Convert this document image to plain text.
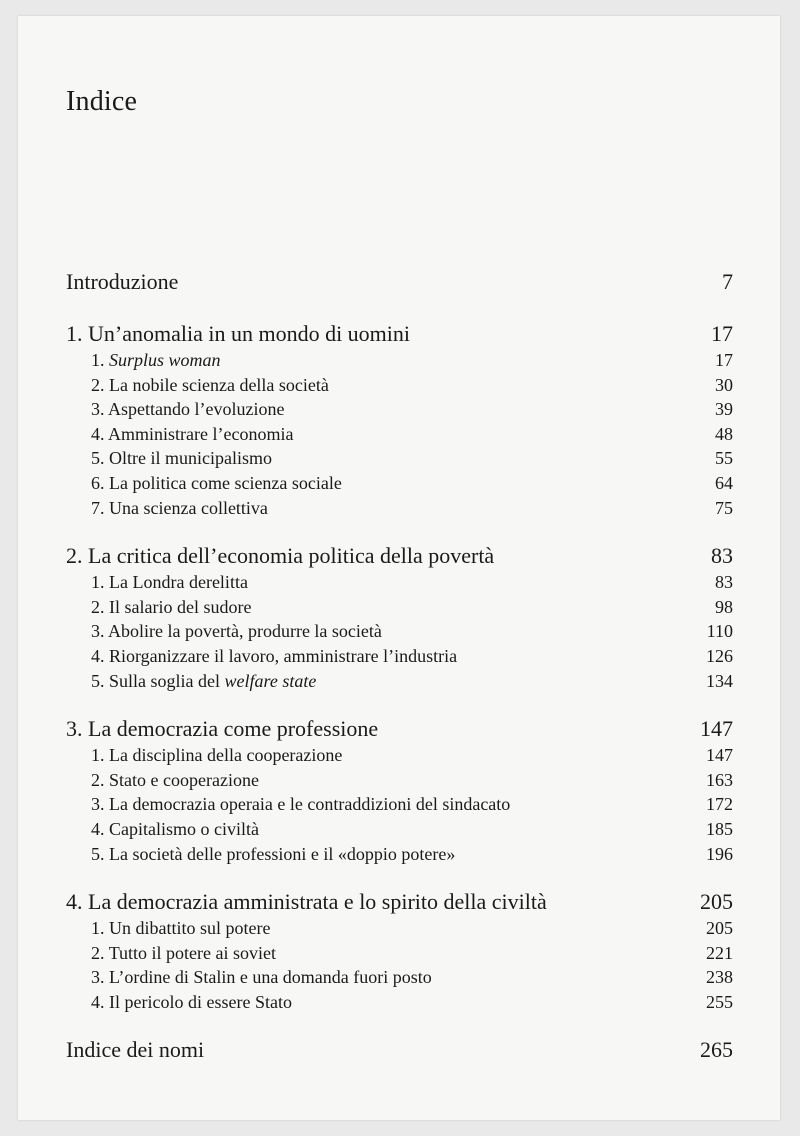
Indice
Introduzione	7
1. Un’anomalia in un mondo di uomini	17
1. Surplus woman	17
2. La nobile scienza della società	30
3. Aspettando l’evoluzione	39
4. Amministrare l’economia	48
5. Oltre il municipalismo	55
6. La politica come scienza sociale	64
7. Una scienza collettiva	75
2. La critica dell’economia politica della povertà	83
1. La Londra derelitta	83
2. Il salario del sudore	98
3. Abolire la povertà, produrre la società	110
4. Riorganizzare il lavoro, amministrare l’industria	126
5. Sulla soglia del welfare state	134
3. La democrazia come professione	147
1. La disciplina della cooperazione	147
2. Stato e cooperazione	163
3. La democrazia operaia e le contraddizioni del sindacato	172
4. Capitalismo o civiltà	185
5. La società delle professioni e il «doppio potere»	196
4. La democrazia amministrata e lo spirito della civiltà	205
1. Un dibattito sul potere	205
2. Tutto il potere ai soviet	221
3. L’ordine di Stalin e una domanda fuori posto	238
4. Il pericolo di essere Stato	255
Indice dei nomi	265
